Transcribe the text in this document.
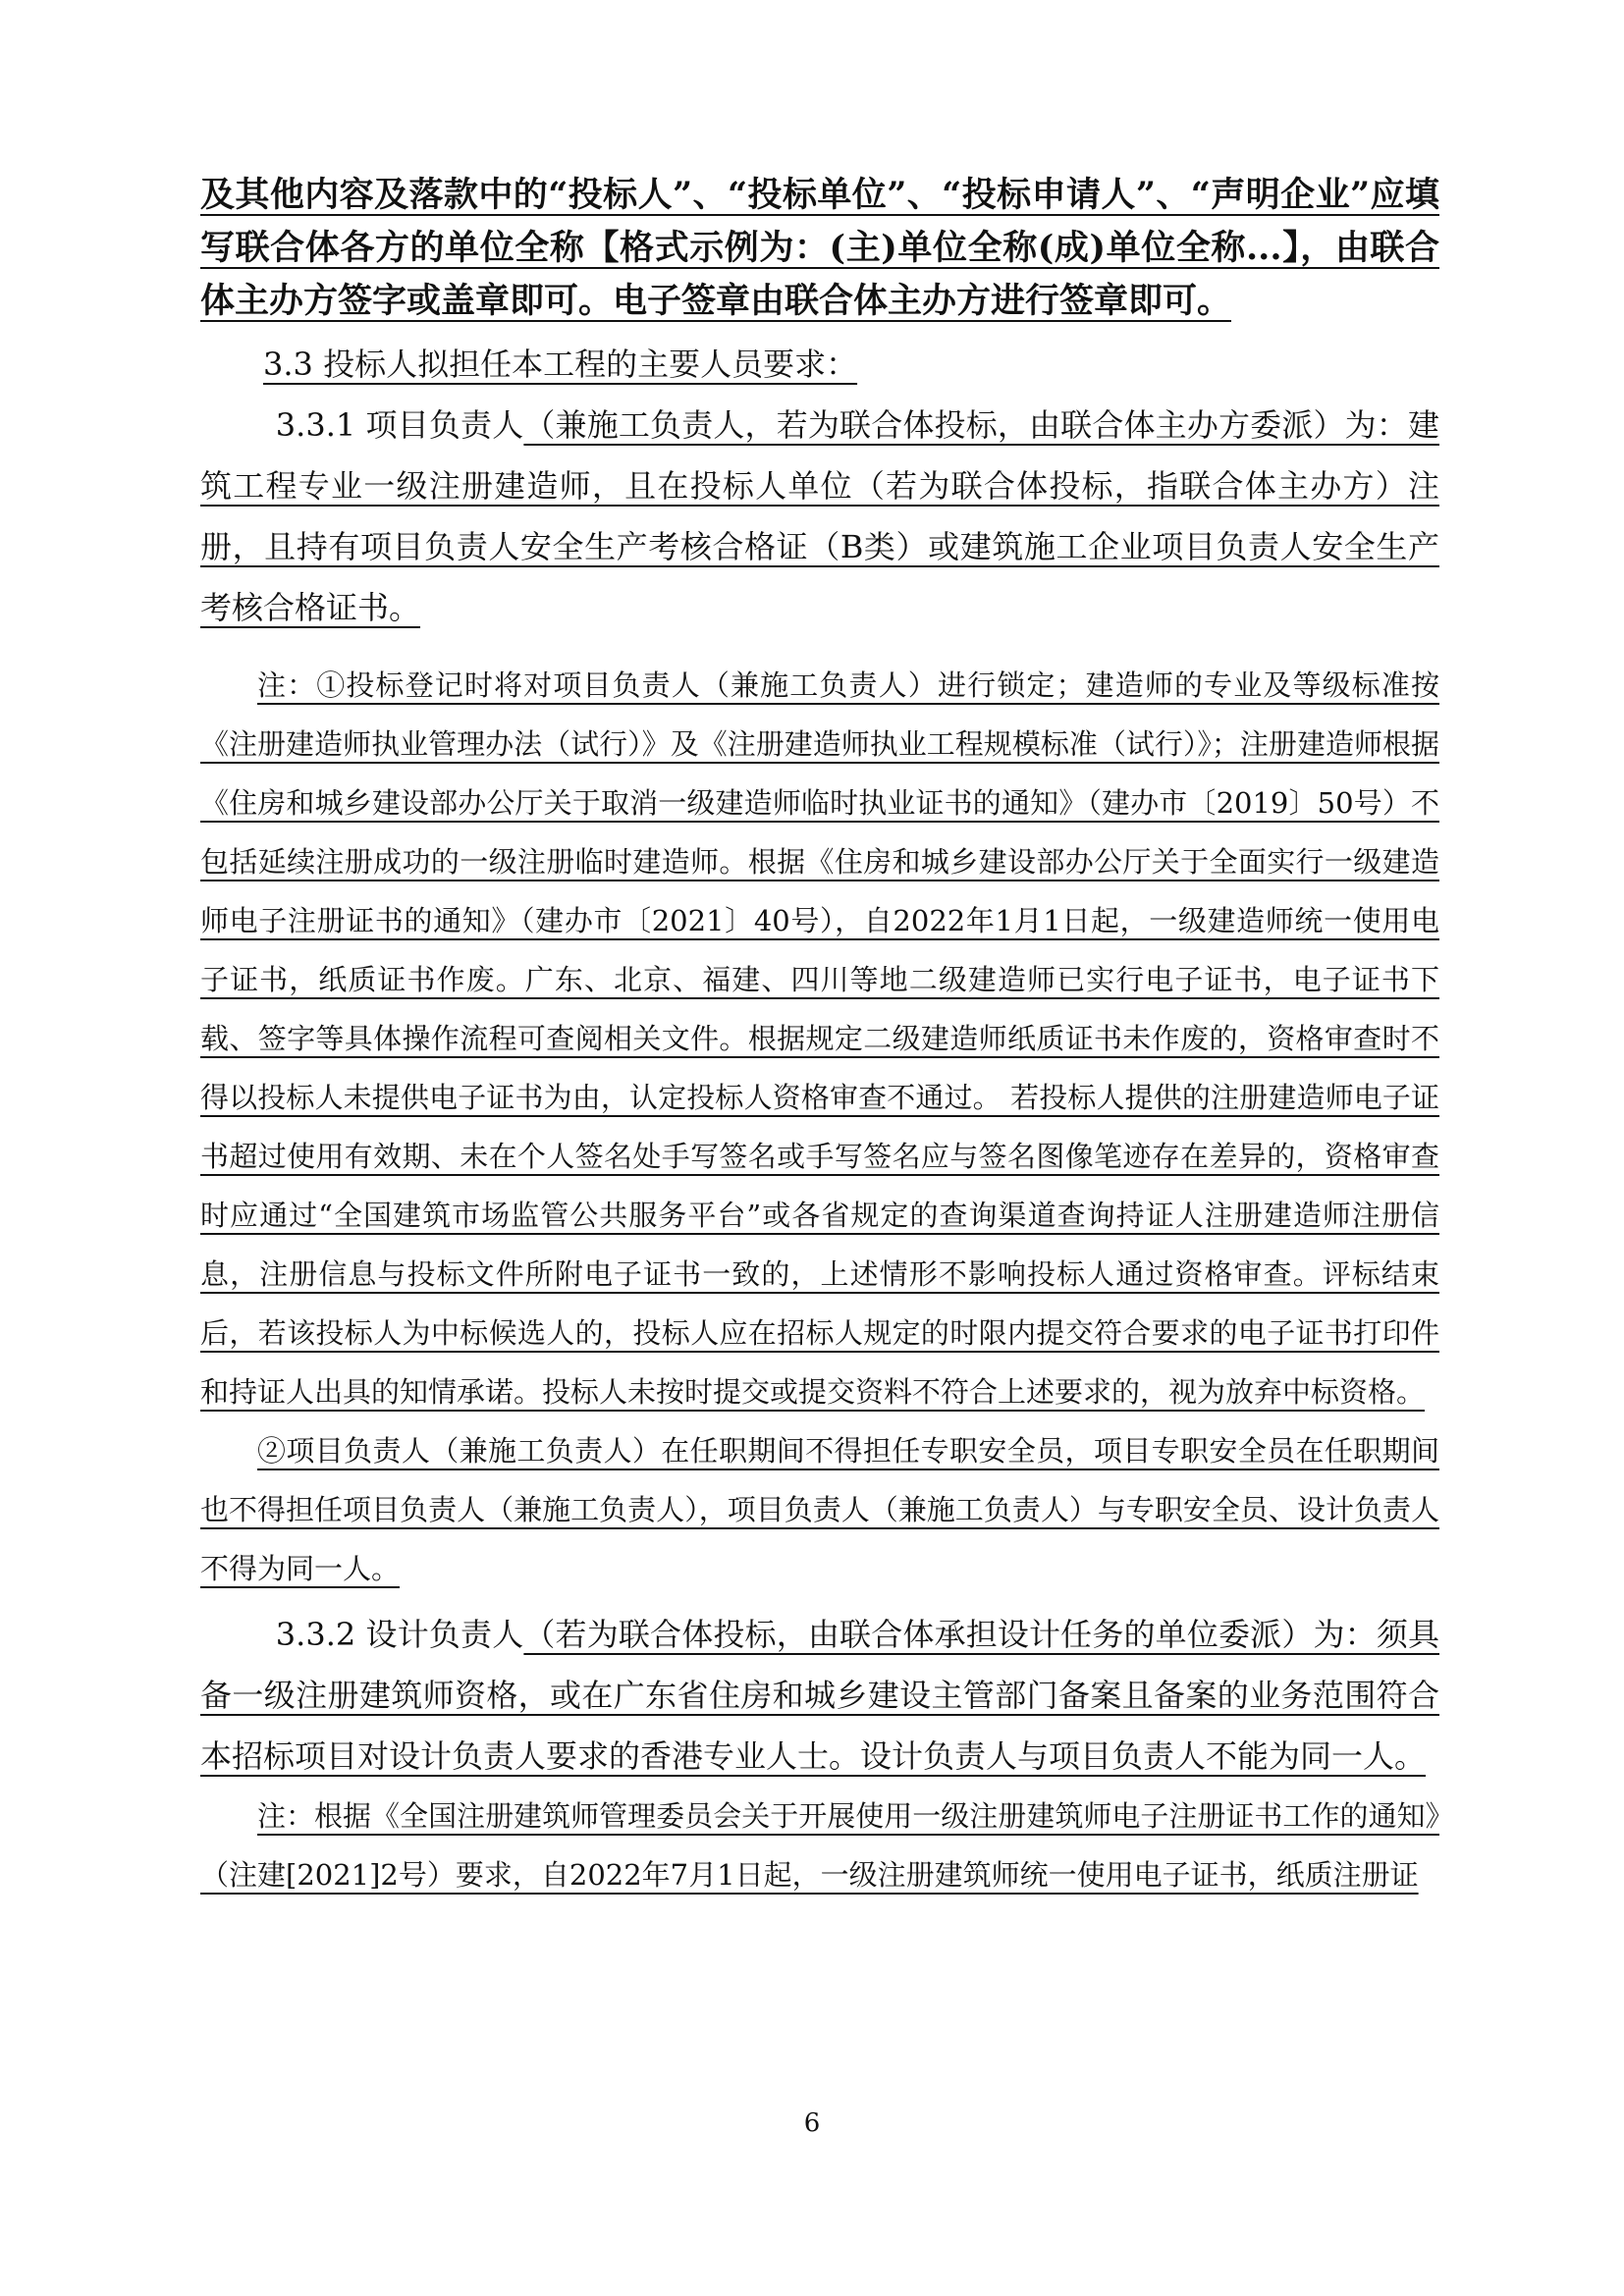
及其他内容及落款中的“投标人”、“投标单位”、“投标申请人”、“声明企业”应填写联合体各方的单位全称【格式示例为：(主)单位全称(成)单位全称...】，由联合体主办方签字或盖章即可。电子签章由联合体主办方进行签章即可。

3.3 投标人拟担任本工程的主要人员要求：

3.3.1 项目负责人（兼施工负责人，若为联合体投标，由联合体主办方委派）为：建筑工程专业一级注册建造师，且在投标人单位（若为联合体投标，指联合体主办方）注册，且持有项目负责人安全生产考核合格证（B类）或建筑施工企业项目负责人安全生产考核合格证书。

注：①投标登记时将对项目负责人（兼施工负责人）进行锁定；建造师的专业及等级标准按《注册建造师执业管理办法（试行）》及《注册建造师执业工程规模标准（试行）》；注册建造师根据《住房和城乡建设部办公厅关于取消一级建造师临时执业证书的通知》（建办市〔2019〕50号）不包括延续注册成功的一级注册临时建造师。根据《住房和城乡建设部办公厅关于全面实行一级建造师电子注册证书的通知》（建办市〔2021〕40号），自2022年1月1日起，一级建造师统一使用电子证书，纸质证书作废。广东、北京、福建、四川等地二级建造师已实行电子证书，电子证书下载、签字等具体操作流程可查阅相关文件。根据规定二级建造师纸质证书未作废的，资格审查时不得以投标人未提供电子证书为由，认定投标人资格审查不通过。 若投标人提供的注册建造师电子证书超过使用有效期、未在个人签名处手写签名或手写签名应与签名图像笔迹存在差异的，资格审查时应通过“全国建筑市场监管公共服务平台”或各省规定的查询渠道查询持证人注册建造师注册信息，注册信息与投标文件所附电子证书一致的，上述情形不影响投标人通过资格审查。评标结束后，若该投标人为中标候选人的，投标人应在招标人规定的时限内提交符合要求的电子证书打印件和持证人出具的知情承诺。投标人未按时提交或提交资料不符合上述要求的，视为放弃中标资格。

②项目负责人（兼施工负责人）在任职期间不得担任专职安全员，项目专职安全员在任职期间也不得担任项目负责人（兼施工负责人），项目负责人（兼施工负责人）与专职安全员、设计负责人不得为同一人。

3.3.2 设计负责人（若为联合体投标，由联合体承担设计任务的单位委派）为：须具备一级注册建筑师资格，或在广东省住房和城乡建设主管部门备案且备案的业务范围符合本招标项目对设计负责人要求的香港专业人士。设计负责人与项目负责人不能为同一人。

注：根据《全国注册建筑师管理委员会关于开展使用一级注册建筑师电子注册证书工作的通知》（注建[2021]2号）要求，自2022年7月1日起，一级注册建筑师统一使用电子证书，纸质注册证

6
